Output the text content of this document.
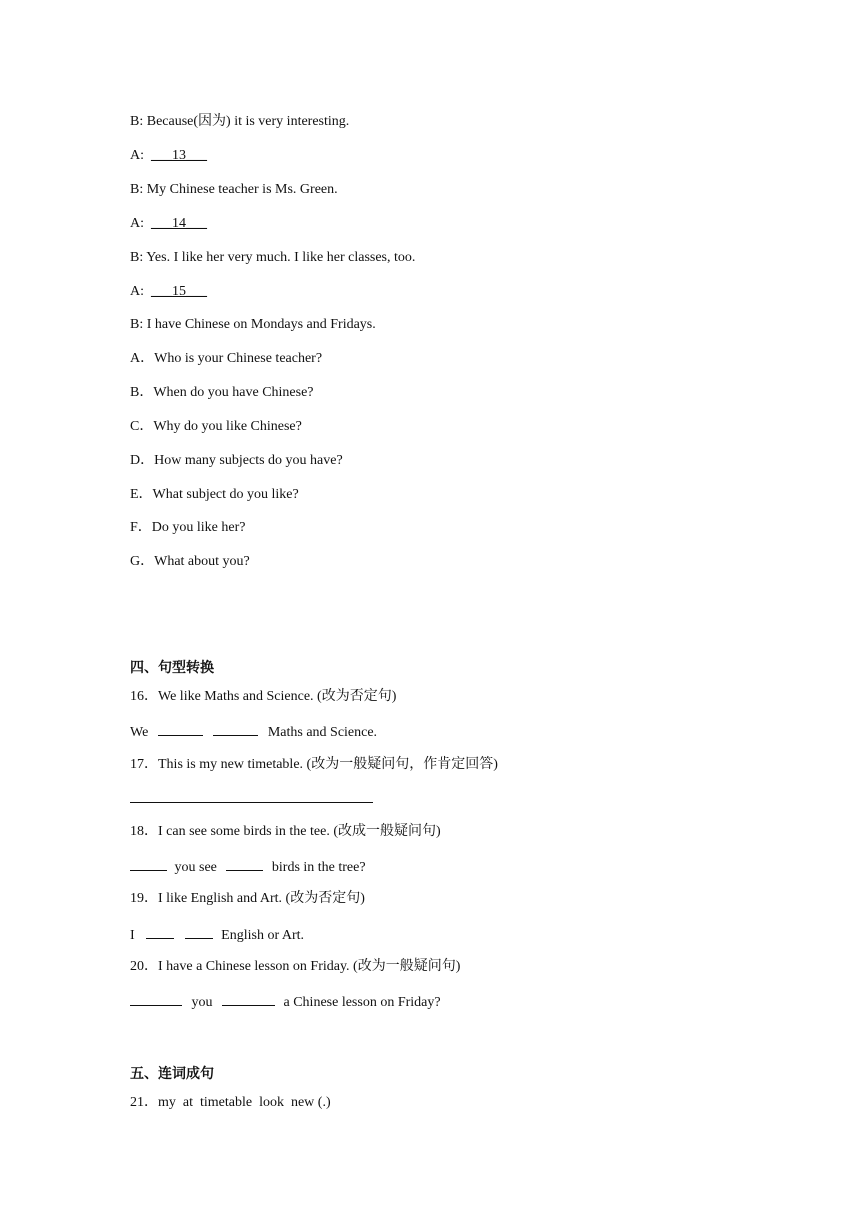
B: Because(因为) it is very interesting.
A:  ___13___
B: My Chinese teacher is Ms. Green.
A:  ___14___
B: Yes. I like her very much. I like her classes, too.
A:  ___15___
B: I have Chinese on Mondays and Fridays.
A．Who is your Chinese teacher?
B．When do you have Chinese?
C．Why do you like Chinese?
D．How many subjects do you have?
E．What subject do you like?
F．Do you like her?
G．What about you?
四、句型转换
16．We like Maths and Science. (改为否定句)
We	Maths and Science.
17．This is my new timetable. (改为一般疑问句，作肯定回答)
18．I can see some birds in the tee. (改成一般疑问句)
you see	birds in the tree?
19．I like English and Art. (改为否定句)
I	English or Art.
20．I have a Chinese lesson on Friday. (改为一般疑问句)
you	a Chinese lesson on Friday?
五、连词成句
21．my  at  timetable  look  new (.)
